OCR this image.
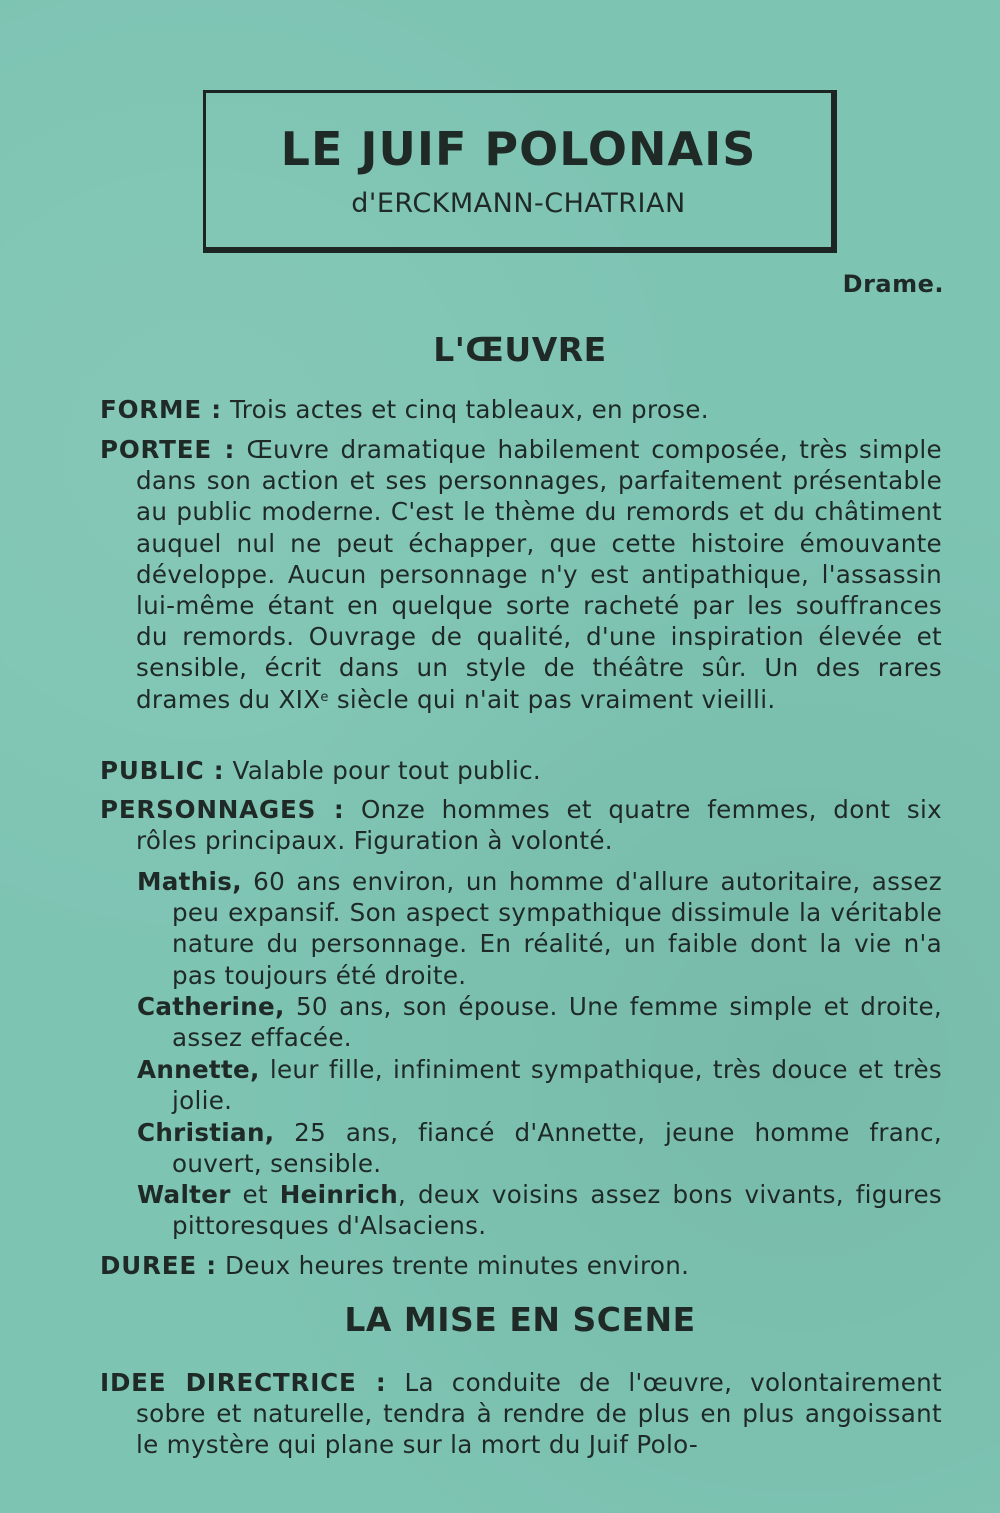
LE JUIF POLONAIS
d'ERCKMANN-CHATRIAN
Drame.
L'ŒUVRE
FORME : Trois actes et cinq tableaux, en prose.
PORTEE : Œuvre dramatique habilement composée, très simple dans son action et ses personnages, parfaitement présentable au public moderne. C'est le thème du remords et du châtiment auquel nul ne peut échapper, que cette histoire émouvante développe. Aucun personnage n'y est antipathique, l'assassin lui-même étant en quelque sorte racheté par les souffrances du remords. Ouvrage de qualité, d'une inspiration élevée et sensible, écrit dans un style de théâtre sûr. Un des rares drames du XIXe siècle qui n'ait pas vraiment vieilli.
PUBLIC : Valable pour tout public.
PERSONNAGES : Onze hommes et quatre femmes, dont six rôles principaux. Figuration à volonté.
Mathis, 60 ans environ, un homme d'allure autoritaire, assez peu expansif. Son aspect sympathique dissimule la véritable nature du personnage. En réalité, un faible dont la vie n'a pas toujours été droite.
Catherine, 50 ans, son épouse. Une femme simple et droite, assez effacée.
Annette, leur fille, infiniment sympathique, très douce et très jolie.
Christian, 25 ans, fiancé d'Annette, jeune homme franc, ouvert, sensible.
Walter et Heinrich, deux voisins assez bons vivants, figures pittoresques d'Alsaciens.
DUREE : Deux heures trente minutes environ.
LA MISE EN SCENE
IDEE DIRECTRICE : La conduite de l'œuvre, volontairement sobre et naturelle, tendra à rendre de plus en plus angoissant le mystère qui plane sur la mort du Juif Polo-
